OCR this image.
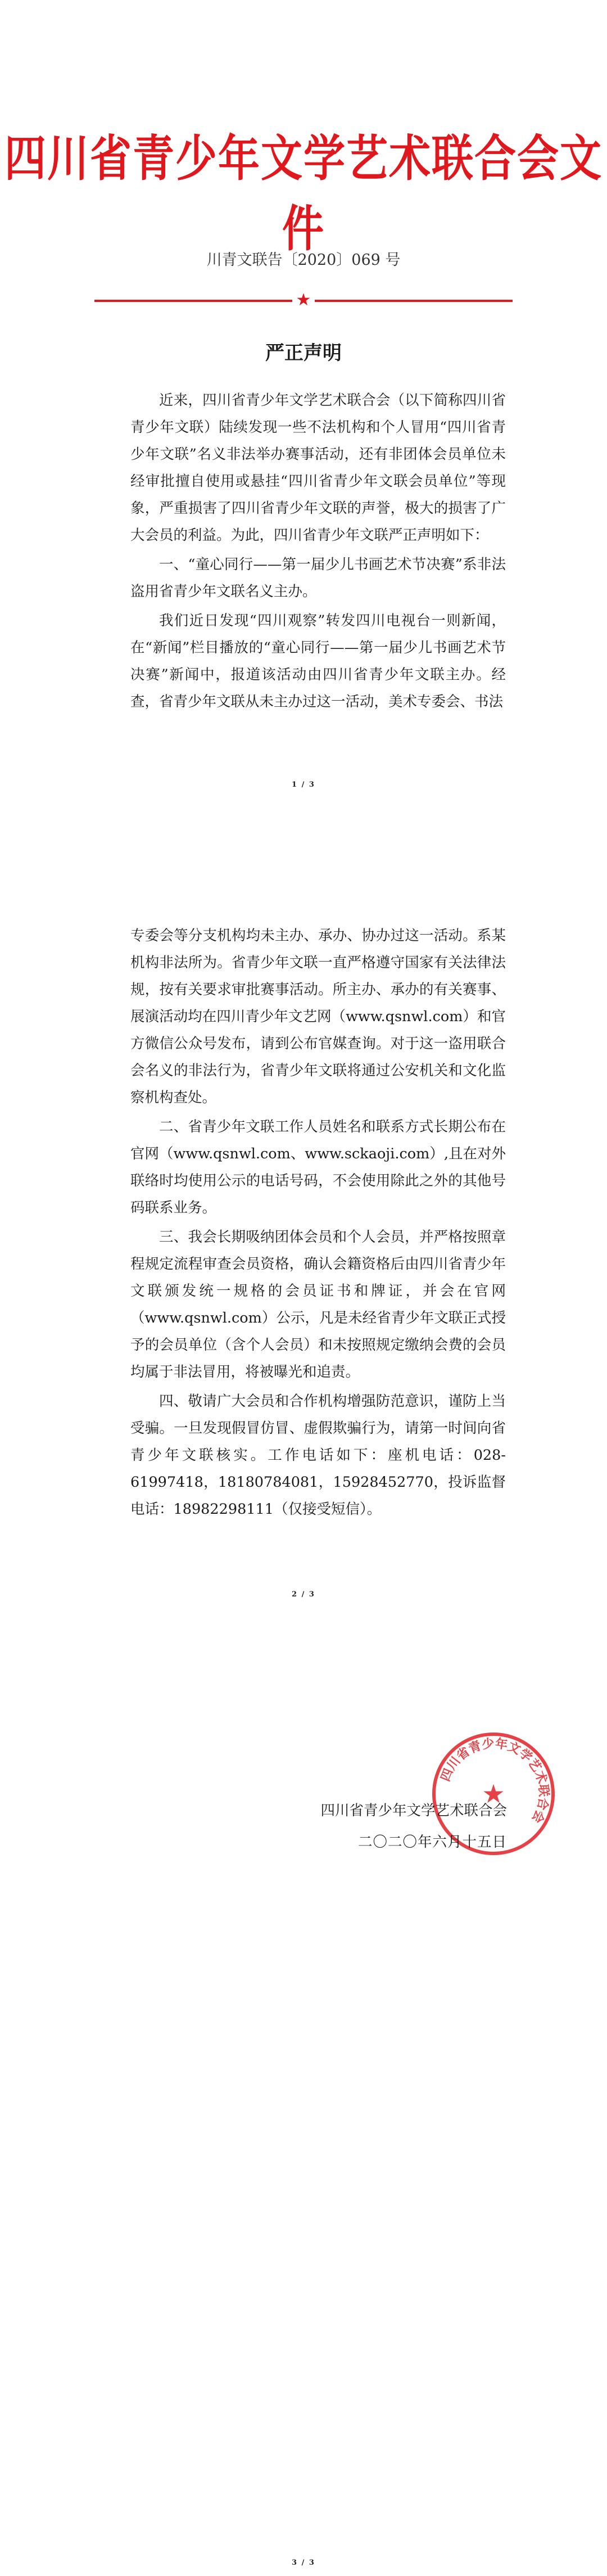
四川省青少年文学艺术联合会文件
川青文联告〔2020〕069 号
★
严正声明

近来，四川省青少年文学艺术联合会（以下简称四川省青少年文联）陆续发现一些不法机构和个人冒用“四川省青少年文联”名义非法举办赛事活动，还有非团体会员单位未经审批擅自使用或悬挂“四川省青少年文联会员单位”等现象，严重损害了四川省青少年文联的声誉，极大的损害了广大会员的利益。为此，四川省青少年文联严正声明如下：

一、“童心同行——第一届少儿书画艺术节决赛”系非法盗用省青少年文联名义主办。

我们近日发现“四川观察”转发四川电视台一则新闻，在“新闻”栏目播放的“童心同行——第一届少儿书画艺术节决赛”新闻中，报道该活动由四川省青少年文联主办。经查，省青少年文联从未主办过这一活动，美术专委会、书法

1 / 3

专委会等分支机构均未主办、承办、协办过这一活动。系某机构非法所为。省青少年文联一直严格遵守国家有关法律法规，按有关要求审批赛事活动。所主办、承办的有关赛事、展演活动均在四川青少年文艺网（www.qsnwl.com）和官方微信公众号发布，请到公布官媒查询。对于这一盗用联合会名义的非法行为，省青少年文联将通过公安机关和文化监察机构查处。

二、省青少年文联工作人员姓名和联系方式长期公布在官网（www.qsnwl.com、www.sckaoji.com）,且在对外联络时均使用公示的电话号码，不会使用除此之外的其他号码联系业务。

三、我会长期吸纳团体会员和个人会员，并严格按照章程规定流程审查会员资格，确认会籍资格后由四川省青少年文联颁发统一规格的会员证书和牌证，并会在官网（www.qsnwl.com）公示，凡是未经省青少年文联正式授予的会员单位（含个人会员）和未按照规定缴纳会费的会员均属于非法冒用，将被曝光和追责。

四、敬请广大会员和合作机构增强防范意识，谨防上当受骗。一旦发现假冒仿冒、虚假欺骗行为，请第一时间向省青少年文联核实。工作电话如下：座机电话：028-61997418，18180784081，15928452770，投诉监督电话：18982298111（仅接受短信）。

2 / 3
四川省青少年文学艺术联合会
★
四川省青少年文学艺术联合会
二〇二〇年六月十五日
3 / 3
